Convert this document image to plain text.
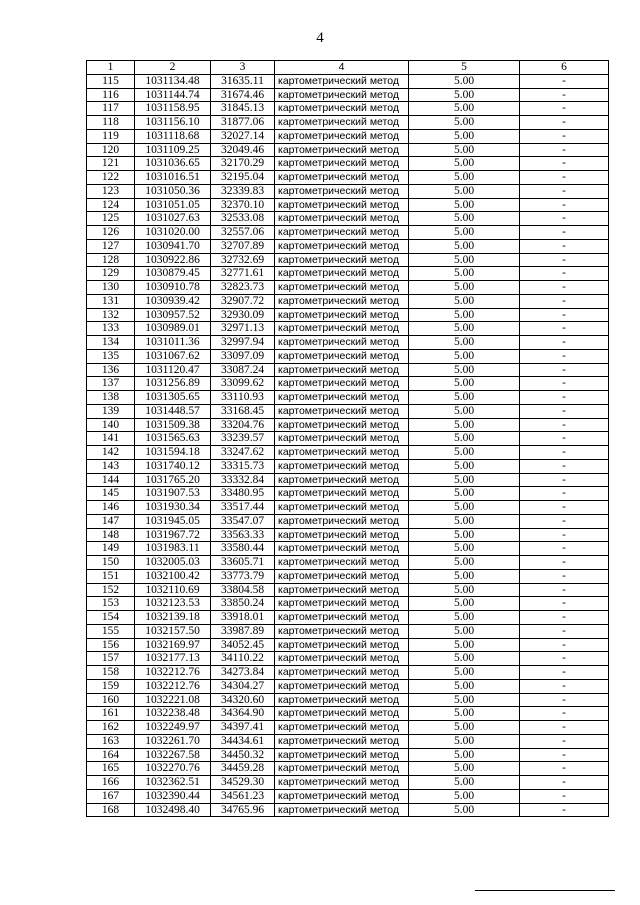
4
1	2	3	4	5	6
115	1031134.48	31635.11	картометрический метод	5.00	-
116	1031144.74	31674.46	картометрический метод	5.00	-
117	1031158.95	31845.13	картометрический метод	5.00	-
118	1031156.10	31877.06	картометрический метод	5.00	-
119	1031118.68	32027.14	картометрический метод	5.00	-
120	1031109.25	32049.46	картометрический метод	5.00	-
121	1031036.65	32170.29	картометрический метод	5.00	-
122	1031016.51	32195.04	картометрический метод	5.00	-
123	1031050.36	32339.83	картометрический метод	5.00	-
124	1031051.05	32370.10	картометрический метод	5.00	-
125	1031027.63	32533.08	картометрический метод	5.00	-
126	1031020.00	32557.06	картометрический метод	5.00	-
127	1030941.70	32707.89	картометрический метод	5.00	-
128	1030922.86	32732.69	картометрический метод	5.00	-
129	1030879.45	32771.61	картометрический метод	5.00	-
130	1030910.78	32823.73	картометрический метод	5.00	-
131	1030939.42	32907.72	картометрический метод	5.00	-
132	1030957.52	32930.09	картометрический метод	5.00	-
133	1030989.01	32971.13	картометрический метод	5.00	-
134	1031011.36	32997.94	картометрический метод	5.00	-
135	1031067.62	33097.09	картометрический метод	5.00	-
136	1031120.47	33087.24	картометрический метод	5.00	-
137	1031256.89	33099.62	картометрический метод	5.00	-
138	1031305.65	33110.93	картометрический метод	5.00	-
139	1031448.57	33168.45	картометрический метод	5.00	-
140	1031509.38	33204.76	картометрический метод	5.00	-
141	1031565.63	33239.57	картометрический метод	5.00	-
142	1031594.18	33247.62	картометрический метод	5.00	-
143	1031740.12	33315.73	картометрический метод	5.00	-
144	1031765.20	33332.84	картометрический метод	5.00	-
145	1031907.53	33480.95	картометрический метод	5.00	-
146	1031930.34	33517.44	картометрический метод	5.00	-
147	1031945.05	33547.07	картометрический метод	5.00	-
148	1031967.72	33563.33	картометрический метод	5.00	-
149	1031983.11	33580.44	картометрический метод	5.00	-
150	1032005.03	33605.71	картометрический метод	5.00	-
151	1032100.42	33773.79	картометрический метод	5.00	-
152	1032110.69	33804.58	картометрический метод	5.00	-
153	1032123.53	33850.24	картометрический метод	5.00	-
154	1032139.18	33918.01	картометрический метод	5.00	-
155	1032157.50	33987.89	картометрический метод	5.00	-
156	1032169.97	34052.45	картометрический метод	5.00	-
157	1032177.13	34110.22	картометрический метод	5.00	-
158	1032212.76	34273.84	картометрический метод	5.00	-
159	1032212.76	34304.27	картометрический метод	5.00	-
160	1032221.08	34320.60	картометрический метод	5.00	-
161	1032238.48	34364.90	картометрический метод	5.00	-
162	1032249.97	34397.41	картометрический метод	5.00	-
163	1032261.70	34434.61	картометрический метод	5.00	-
164	1032267.58	34450.32	картометрический метод	5.00	-
165	1032270.76	34459.28	картометрический метод	5.00	-
166	1032362.51	34529.30	картометрический метод	5.00	-
167	1032390.44	34561.23	картометрический метод	5.00	-
168	1032498.40	34765.96	картометрический метод	5.00	-
